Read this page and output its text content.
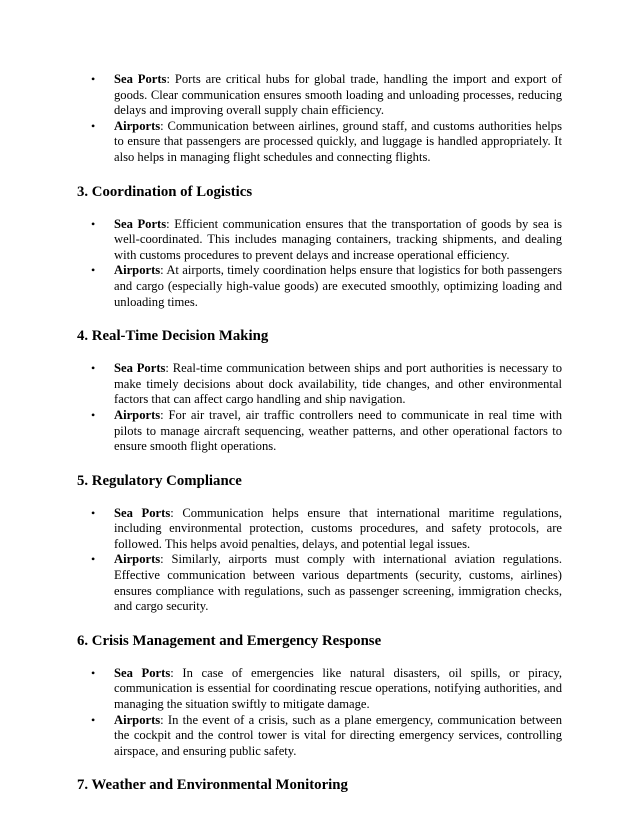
• Sea Ports: Ports are critical hubs for global trade, handling the import and export of goods. Clear communication ensures smooth loading and unloading processes, reducing delays and improving overall supply chain efficiency.
• Airports: Communication between airlines, ground staff, and customs authorities helps to ensure that passengers are processed quickly, and luggage is handled appropriately. It also helps in managing flight schedules and connecting flights.
3. Coordination of Logistics
• Sea Ports: Efficient communication ensures that the transportation of goods by sea is well-coordinated. This includes managing containers, tracking shipments, and dealing with customs procedures to prevent delays and increase operational efficiency.
• Airports: At airports, timely coordination helps ensure that logistics for both passengers and cargo (especially high-value goods) are executed smoothly, optimizing loading and unloading times.
4. Real-Time Decision Making
• Sea Ports: Real-time communication between ships and port authorities is necessary to make timely decisions about dock availability, tide changes, and other environmental factors that can affect cargo handling and ship navigation.
• Airports: For air travel, air traffic controllers need to communicate in real time with pilots to manage aircraft sequencing, weather patterns, and other operational factors to ensure smooth flight operations.
5. Regulatory Compliance
• Sea Ports: Communication helps ensure that international maritime regulations, including environmental protection, customs procedures, and safety protocols, are followed. This helps avoid penalties, delays, and potential legal issues.
• Airports: Similarly, airports must comply with international aviation regulations. Effective communication between various departments (security, customs, airlines) ensures compliance with regulations, such as passenger screening, immigration checks, and cargo security.
6. Crisis Management and Emergency Response
• Sea Ports: In case of emergencies like natural disasters, oil spills, or piracy, communication is essential for coordinating rescue operations, notifying authorities, and managing the situation swiftly to mitigate damage.
• Airports: In the event of a crisis, such as a plane emergency, communication between the cockpit and the control tower is vital for directing emergency services, controlling airspace, and ensuring public safety.
7. Weather and Environmental Monitoring
